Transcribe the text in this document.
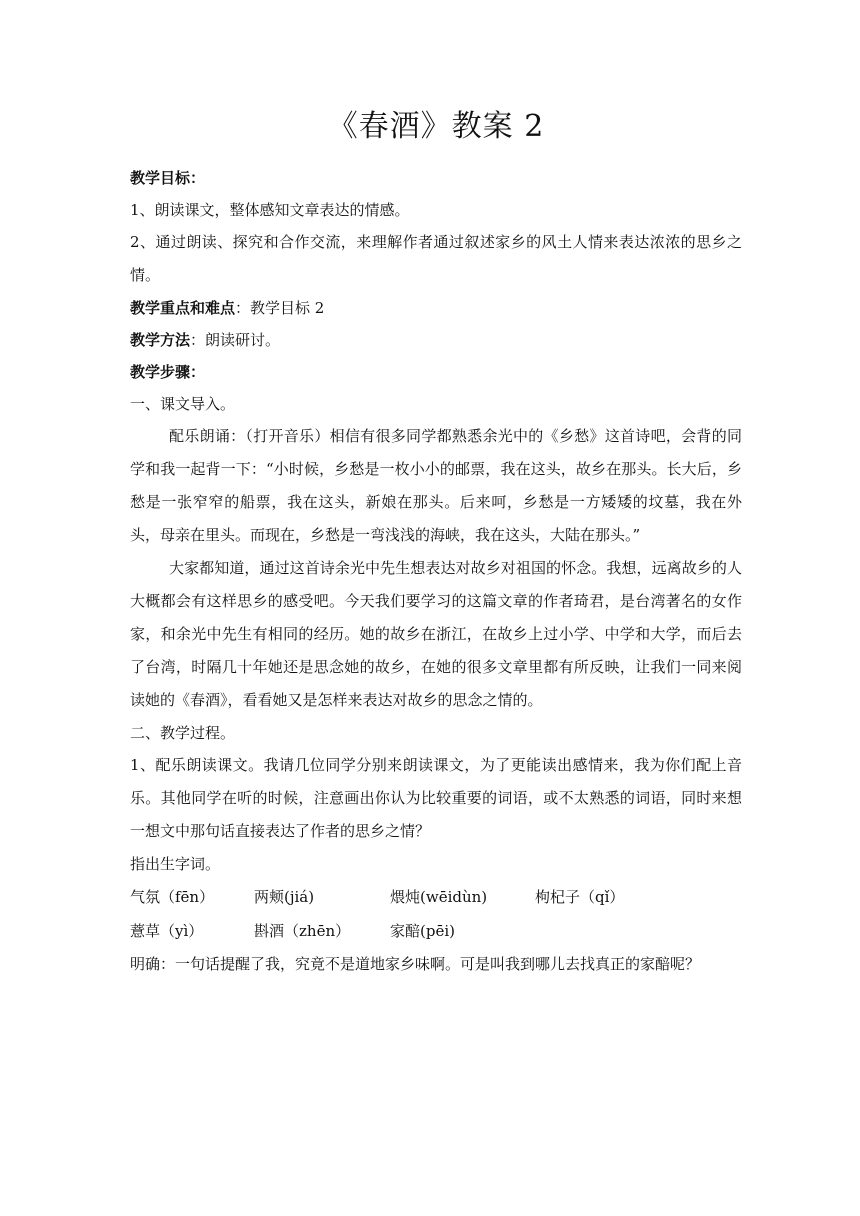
《春酒》教案 2

教学目标：

1、朗读课文，整体感知文章表达的情感。

2、通过朗读、探究和合作交流，来理解作者通过叙述家乡的风土人情来表达浓浓的思乡之情。

教学重点和难点：教学目标 2

教学方法：朗读研讨。

教学步骤：

一、课文导入。

配乐朗诵：（打开音乐）相信有很多同学都熟悉余光中的《乡愁》这首诗吧，会背的同学和我一起背一下：“小时候，乡愁是一枚小小的邮票，我在这头，故乡在那头。长大后，乡愁是一张窄窄的船票，我在这头，新娘在那头。后来呵，乡愁是一方矮矮的坟墓，我在外头，母亲在里头。而现在，乡愁是一弯浅浅的海峡，我在这头，大陆在那头。”

大家都知道，通过这首诗余光中先生想表达对故乡对祖国的怀念。我想，远离故乡的人大概都会有这样思乡的感受吧。今天我们要学习的这篇文章的作者琦君，是台湾著名的女作家，和余光中先生有相同的经历。她的故乡在浙江，在故乡上过小学、中学和大学，而后去了台湾，时隔几十年她还是思念她的故乡，在她的很多文章里都有所反映，让我们一同来阅读她的《春酒》，看看她又是怎样来表达对故乡的思念之情的。

二、教学过程。

1、配乐朗读课文。我请几位同学分别来朗读课文，为了更能读出感情来，我为你们配上音乐。其他同学在听的时候，注意画出你认为比较重要的词语，或不太熟悉的词语，同时来想一想文中那句话直接表达了作者的思乡之情？

指出生字词。

气氛（fēn）	两颊(jiá)	煨炖(wēidùn)	枸杞子（qǐ）
薏草（yì）	斟酒（zhēn）	家醅(pēi)

明确：一句话提醒了我，究竟不是道地家乡味啊。可是叫我到哪儿去找真正的家醅呢？
